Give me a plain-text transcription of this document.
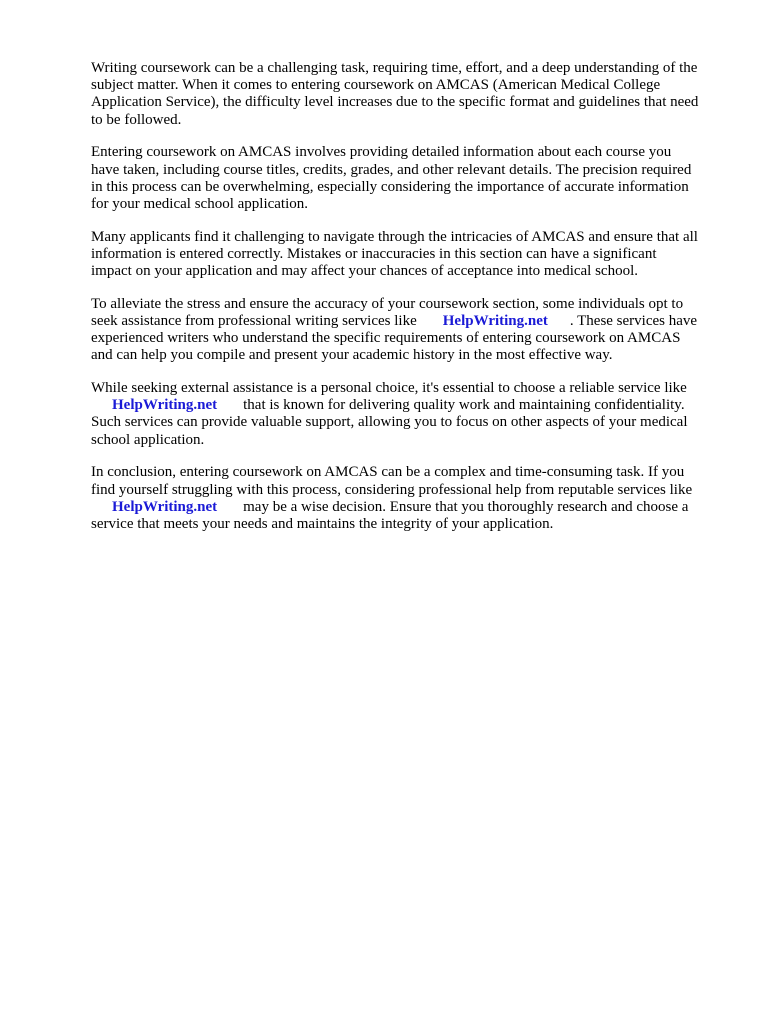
Writing coursework can be a challenging task, requiring time, effort, and a deep understanding of the
subject matter. When it comes to entering coursework on AMCAS (American Medical College
Application Service), the difficulty level increases due to the specific format and guidelines that need
to be followed.

Entering coursework on AMCAS involves providing detailed information about each course you
have taken, including course titles, credits, grades, and other relevant details. The precision required
in this process can be overwhelming, especially considering the importance of accurate information
for your medical school application.

Many applicants find it challenging to navigate through the intricacies of AMCAS and ensure that all
information is entered correctly. Mistakes or inaccuracies in this section can have a significant
impact on your application and may affect your chances of acceptance into medical school.

To alleviate the stress and ensure the accuracy of your coursework section, some individuals opt to
seek assistance from professional writing services like HelpWriting.net . These services have
experienced writers who understand the specific requirements of entering coursework on AMCAS
and can help you compile and present your academic history in the most effective way.

While seeking external assistance is a personal choice, it's essential to choose a reliable service like
HelpWriting.net that is known for delivering quality work and maintaining confidentiality.
Such services can provide valuable support, allowing you to focus on other aspects of your medical
school application.

In conclusion, entering coursework on AMCAS can be a complex and time-consuming task. If you
find yourself struggling with this process, considering professional help from reputable services like
HelpWriting.net may be a wise decision. Ensure that you thoroughly research and choose a
service that meets your needs and maintains the integrity of your application.
